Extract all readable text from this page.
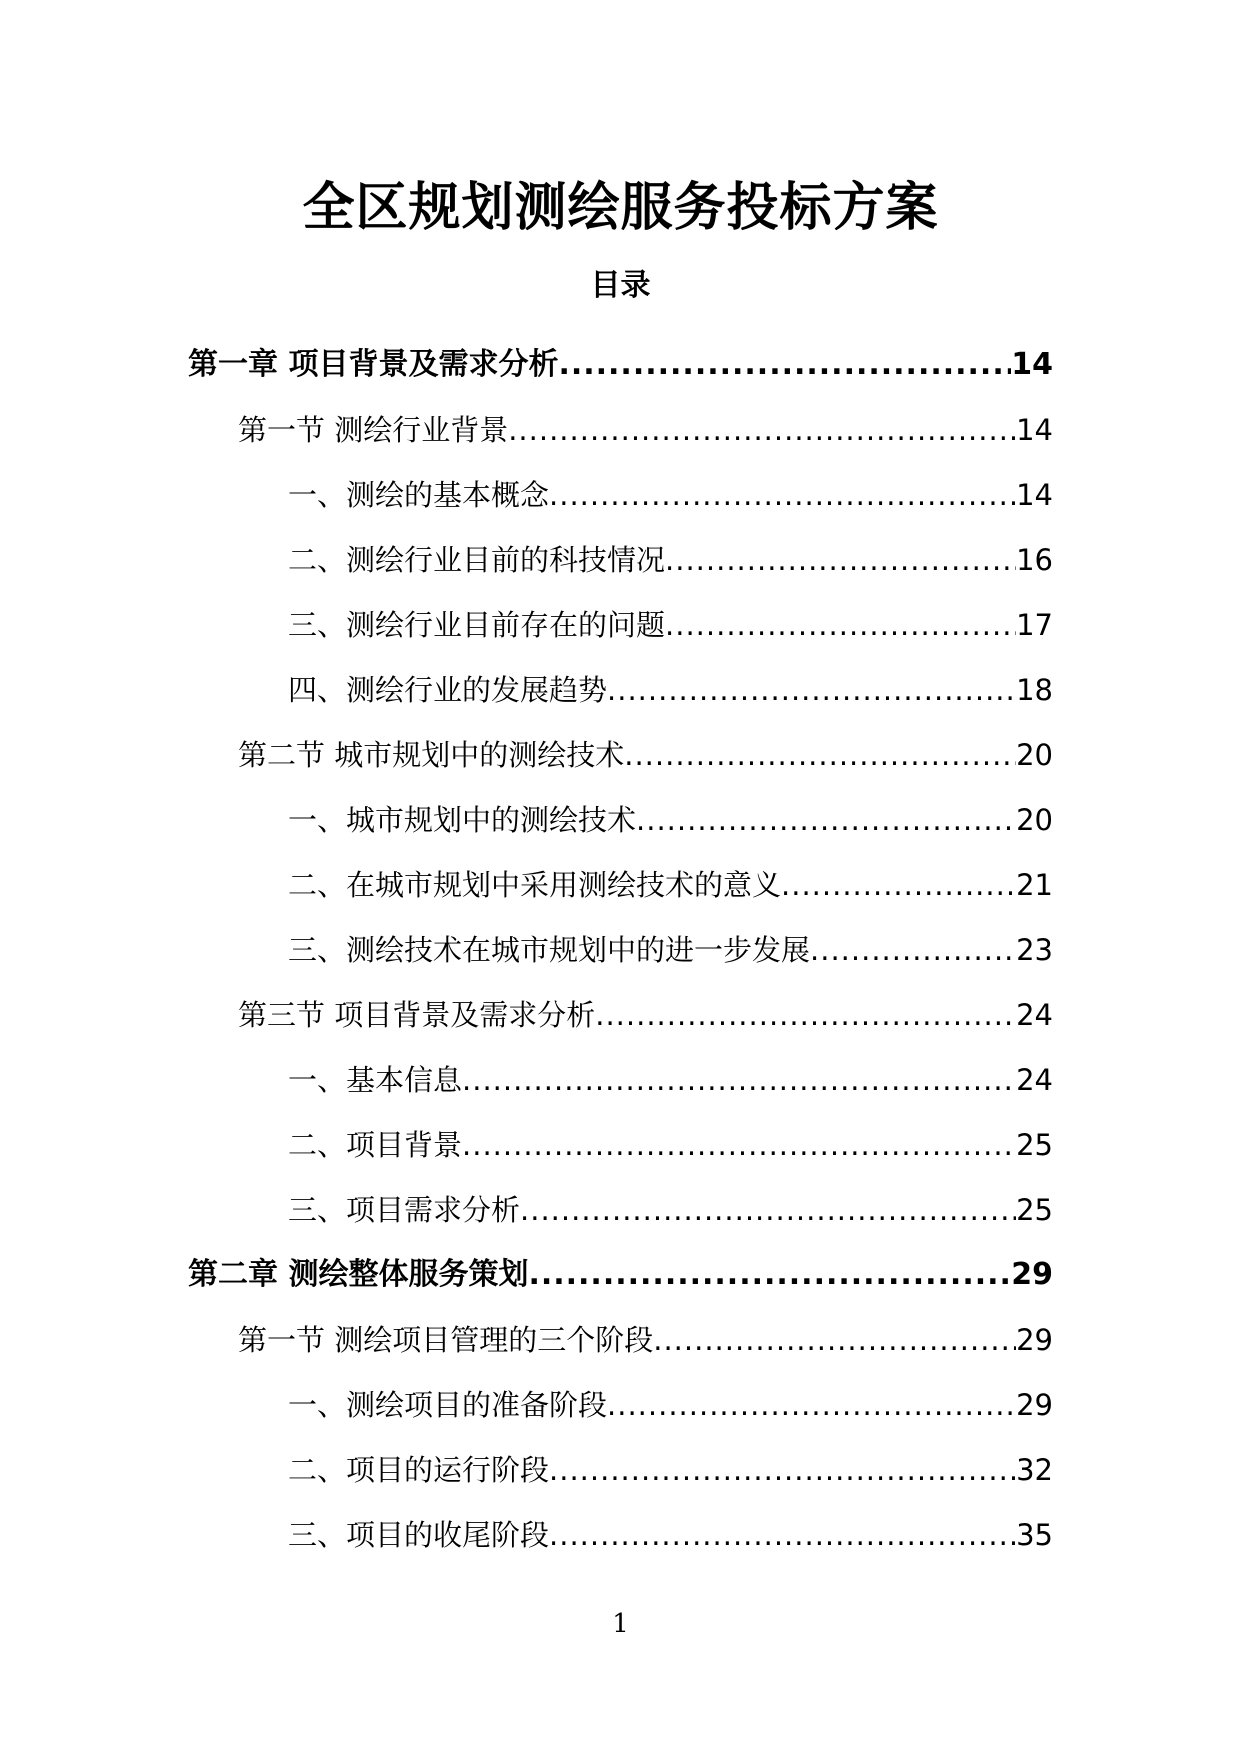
全区规划测绘服务投标方案
目录
第一章 项目背景及需求分析 .....	14
第一节 测绘行业背景 .....	14
一、测绘的基本概念 .....	14
二、测绘行业目前的科技情况 .....	16
三、测绘行业目前存在的问题 .....	17
四、测绘行业的发展趋势 .....	18
第二节 城市规划中的测绘技术 .....	20
一、城市规划中的测绘技术 .....	20
二、在城市规划中采用测绘技术的意义 .....	21
三、测绘技术在城市规划中的进一步发展 .....	23
第三节 项目背景及需求分析 .....	24
一、基本信息 .....	24
二、项目背景 .....	25
三、项目需求分析 .....	25
第二章 测绘整体服务策划 .....	29
第一节 测绘项目管理的三个阶段 .....	29
一、测绘项目的准备阶段 .....	29
二、项目的运行阶段 .....	32
三、项目的收尾阶段 .....	35
1
